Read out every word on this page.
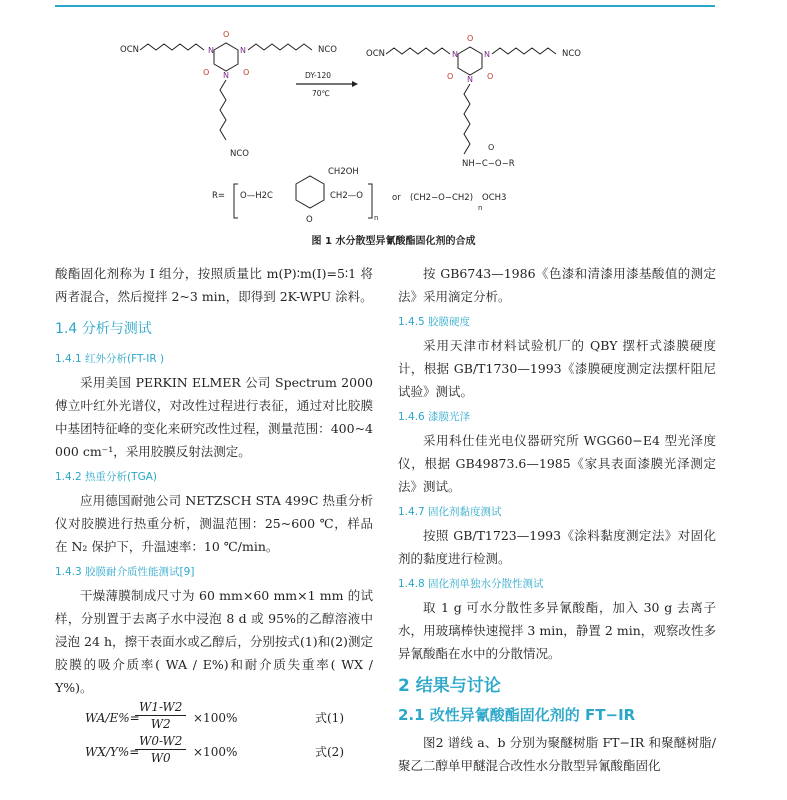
OCN	N	N
N
O
O	O
NCO
NCO
DY-120
70℃
OCN	N	N
N
O
O	O
NCO
NH−C−O−R
O
R= O—H2C
CH2OH
O
CH2—O
n
or (CH2−O−CH2) OCH3
n
图 1 水分散型异氰酸酯固化剂的合成

酸酯固化剂称为 I 组分，按照质量比 m(P)∶m(I)=5∶1 将两者混合，然后搅拌 2~3 min，即得到 2K-WPU 涂料。

1.4 分析与测试
1.4.1 红外分析(FT-IR )

采用美国 PERKIN ELMER 公司 Spectrum 2000 傅立叶红外光谱仪，对改性过程进行表征，通过对比胶膜中基团特征峰的变化来研究改性过程，测量范围：400~4 000 cm⁻¹，采用胶膜反射法测定。

1.4.2 热重分析(TGA)

应用德国耐弛公司 NETZSCH STA 499C 热重分析仪对胶膜进行热重分析，测温范围：25~600 ℃，样品在 N₂ 保护下，升温速率：10 ℃/min。

1.4.3 胶膜耐介质性能测试[9]

干燥薄膜制成尺寸为 60 mm×60 mm×1 mm 的试样，分别置于去离子水中浸泡 8 d 或 95%的乙醇溶液中浸泡 24 h，擦干表面水或乙醇后，分别按式(1)和(2)测定胶膜的吸介质率( WA / E%)和耐介质失重率( WX / Y%)。

WA/E%=
$\frac{W1-W2}{W2} \times 100\%$	式(1)
WX/Y%=
$\frac{W0-W2}{W0} \times 100\%$	式(2)

按 GB6743—1986《色漆和清漆用漆基酸值的测定法》采用滴定分析。

1.4.5 胶膜硬度

采用天津市材料试验机厂的 QBY 摆杆式漆膜硬度计，根据 GB/T1730—1993《漆膜硬度测定法摆杆阻尼试验》测试。

1.4.6 漆膜光泽

采用科仕佳光电仪器研究所 WGG60−E4 型光泽度仪，根据 GB49873.6—1985《家具表面漆膜光泽测定法》测试。

1.4.7 固化剂黏度测试

按照 GB/T1723—1993《涂料黏度测定法》对固化剂的黏度进行检测。

1.4.8 固化剂单独水分散性测试

取 1 g 可水分散性多异氰酸酯，加入 30 g 去离子水，用玻璃棒快速搅拌 3 min，静置 2 min，观察改性多异氰酸酯在水中的分散情况。

2 结果与讨论
2.1 改性异氰酸酯固化剂的 FT−IR

图2 谱线 a、b 分别为聚醚树脂 FT−IR 和聚醚树脂/聚乙二醇单甲醚混合改性水分散型异氰酸酯固化
